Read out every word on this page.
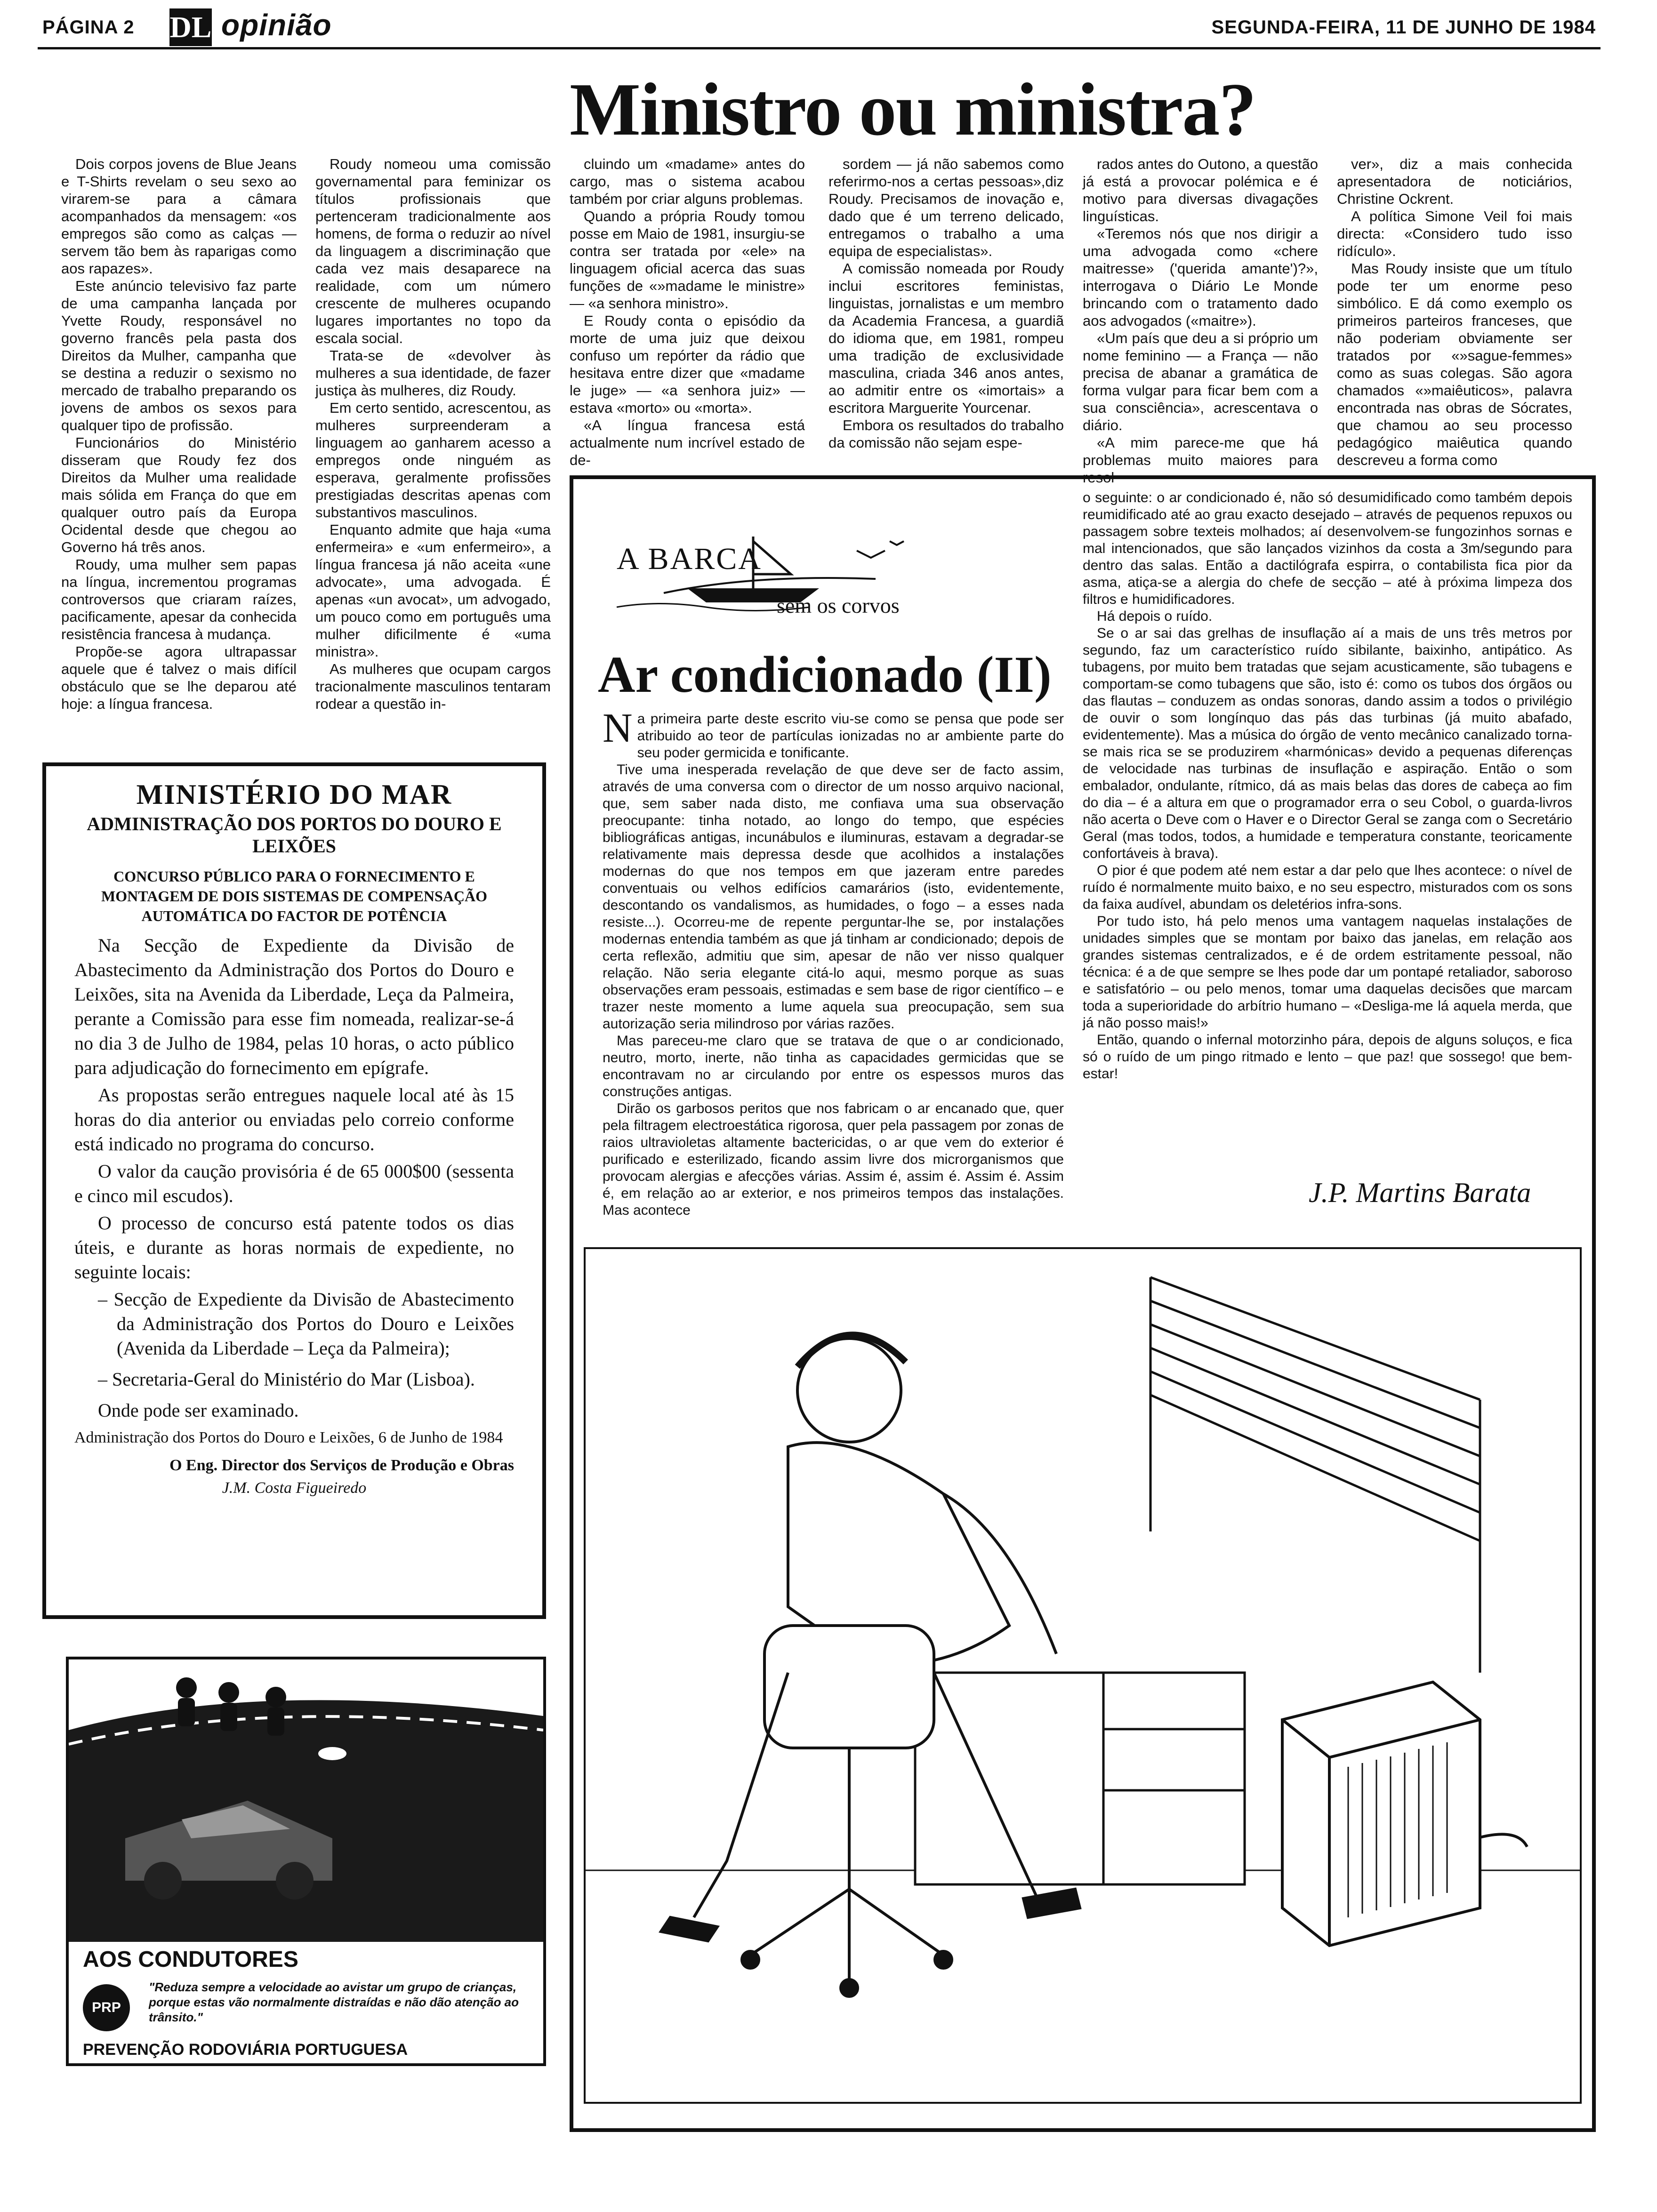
PÁGINA 2 DL opinião	SEGUNDA-FEIRA, 11 DE JUNHO DE 1984
Ministro ou ministra?

Dois corpos jovens de Blue Jeans e T-Shirts revelam o seu sexo ao virarem-se para a câmara acompanhados da mensagem: «os empregos são como as calças — servem tão bem às raparigas como aos rapazes».

Este anúncio televisivo faz parte de uma campanha lançada por Yvette Roudy, responsável no governo francês pela pasta dos Direitos da Mulher, campanha que se destina a reduzir o sexismo no mercado de trabalho preparando os jovens de ambos os sexos para qualquer tipo de profissão.

Funcionários do Ministério disseram que Roudy fez dos Direitos da Mulher uma realidade mais sólida em França do que em qualquer outro país da Europa Ocidental desde que chegou ao Governo há três anos.

Roudy, uma mulher sem papas na língua, incrementou programas controversos que criaram raízes, pacificamente, apesar da conhecida resistência francesa à mudança.

Propõe-se agora ultrapassar aquele que é talvez o mais difícil obstáculo que se lhe deparou até hoje: a língua francesa.

Roudy nomeou uma comissão governamental para feminizar os títulos profissionais que pertenceram tradicionalmente aos homens, de forma o reduzir ao nível da linguagem a discriminação que cada vez mais desaparece na realidade, com um número crescente de mulheres ocupando lugares importantes no topo da escala social.

Trata-se de «devolver às mulheres a sua identidade, de fazer justiça às mulheres, diz Roudy.

Em certo sentido, acrescentou, as mulheres surpreenderam a linguagem ao ganharem acesso a empregos onde ninguém as esperava, geralmente profissões prestigiadas descritas apenas com substantivos masculinos.

Enquanto admite que haja «uma enfermeira» e «um enfermeiro», a língua francesa já não aceita «une advocate», uma advogada. É apenas «un avocat», um advogado, um pouco como em português uma mulher dificilmente é «uma ministra».

As mulheres que ocupam cargos tracionalmente masculinos tentaram rodear a questão in-

cluindo um «madame» antes do cargo, mas o sistema acabou também por criar alguns problemas.

Quando a própria Roudy tomou posse em Maio de 1981, insurgiu-se contra ser tratada por «ele» na linguagem oficial acerca das suas funções de «»madame le ministre» — «a senhora ministro».

E Roudy conta o episódio da morte de uma juiz que deixou confuso um repórter da rádio que hesitava entre dizer que «madame le juge» — «a senhora juiz» — estava «morto» ou «morta».

«A língua francesa está actualmente num incrível estado de de-

sordem — já não sabemos como referirmo-nos a certas pessoas»,diz Roudy. Precisamos de inovação e, dado que é um terreno delicado, entregamos o trabalho a uma equipa de especialistas».

A comissão nomeada por Roudy inclui escritores feministas, linguistas, jornalistas e um membro da Academia Francesa, a guardiã do idioma que, em 1981, rompeu uma tradição de exclusividade masculina, criada 346 anos antes, ao admitir entre os «imortais» a escritora Marguerite Yourcenar.

Embora os resultados do trabalho da comissão não sejam espe-

rados antes do Outono, a questão já está a provocar polémica e é motivo para diversas divagações linguísticas.

«Teremos nós que nos dirigir a uma advogada como «chere maitresse» ('querida amante')?», interrogava o Diário Le Monde brincando com o tratamento dado aos advogados («maitre»).

«Um país que deu a si próprio um nome feminino — a França — não precisa de abanar a gramática de forma vulgar para ficar bem com a sua consciência», acrescentava o diário.

«A mim parece-me que há problemas muito maiores para resol-

ver», diz a mais conhecida apresentadora de noticiários, Christine Ockrent.

A política Simone Veil foi mais directa: «Considero tudo isso ridículo».

Mas Roudy insiste que um título pode ter um enorme peso simbólico. E dá como exemplo os primeiros parteiros franceses, que não poderiam obviamente ser tratados por «»sague-femmes» como as suas colegas. São agora chamados «»maiêuticos», palavra encontrada nas obras de Sócrates, que chamou ao seu processo pedagógico maiêutica quando descreveu a forma como

MINISTÉRIO DO MAR
ADMINISTRAÇÃO DOS PORTOS DO DOURO E LEIXÕES
CONCURSO PÚBLICO PARA O FORNECIMENTO E MONTAGEM DE DOIS SISTEMAS DE COMPENSAÇÃO AUTOMÁTICA DO FACTOR DE POTÊNCIA

Na Secção de Expediente da Divisão de Abastecimento da Administração dos Portos do Douro e Leixões, sita na Avenida da Liberdade, Leça da Palmeira, perante a Comissão para esse fim nomeada, realizar-se-á no dia 3 de Julho de 1984, pelas 10 horas, o acto público para adjudicação do fornecimento em epígrafe.

As propostas serão entregues naquele local até às 15 horas do dia anterior ou enviadas pelo correio conforme está indicado no programa do concurso.

O valor da caução provisória é de 65 000$00 (sessenta e cinco mil escudos).

O processo de concurso está patente todos os dias úteis, e durante as horas normais de expediente, no seguinte locais:

– Secção de Expediente da Divisão de Abastecimento da Administração dos Portos do Douro e Leixões (Avenida da Liberdade – Leça da Palmeira);
– Secretaria-Geral do Ministério do Mar (Lisboa).

Onde pode ser examinado.

Administração dos Portos do Douro e Leixões, 6 de Junho de 1984
O Eng. Director dos Serviços de Produção e Obras
J.M. Costa Figueiredo
AOS CONDUTORES
PRP
"Reduza sempre a velocidade ao avistar um grupo de crianças, porque estas vão normalmente distraídas e não dão atenção ao trânsito."
PREVENÇÃO RODOVIÁRIA PORTUGUESA
A BARCA
sem os corvos
Ar condicionado (II)

Na primeira parte deste escrito viu-se como se pensa que pode ser atribuido ao teor de partículas ionizadas no ar ambiente parte do seu poder germicida e tonificante.

Tive uma inesperada revelação de que deve ser de facto assim, através de uma conversa com o director de um nosso arquivo nacional, que, sem saber nada disto, me confiava uma sua observação preocupante: tinha notado, ao longo do tempo, que espécies bibliográficas antigas, incunábulos e iluminuras, estavam a degradar-se relativamente mais depressa desde que acolhidos a instalações modernas do que nos tempos em que jazeram entre paredes conventuais ou velhos edifícios camarários (isto, evidentemente, descontando os vandalismos, as humidades, o fogo – a esses nada resiste...). Ocorreu-me de repente perguntar-lhe se, por instalações modernas entendia também as que já tinham ar condicionado; depois de certa reflexão, admitiu que sim, apesar de não ver nisso qualquer relação. Não seria elegante citá-lo aqui, mesmo porque as suas observações eram pessoais, estimadas e sem base de rigor científico – e trazer neste momento a lume aquela sua preocupação, sem sua autorização seria milindroso por várias razões.

Mas pareceu-me claro que se tratava de que o ar condicionado, neutro, morto, inerte, não tinha as capacidades germicidas que se encontravam no ar circulando por entre os espessos muros das construções antigas.

Dirão os garbosos peritos que nos fabricam o ar encanado que, quer pela filtragem electroestática rigorosa, quer pela passagem por zonas de raios ultravioletas altamente bactericidas, o ar que vem do exterior é purificado e esterilizado, ficando assim livre dos microrganismos que provocam alergias e afecções várias. Assim é, assim é. Assim é. Assim é, em relação ao ar exterior, e nos primeiros tempos das instalações. Mas acontece

o seguinte: o ar condicionado é, não só desumidificado como também depois reumidificado até ao grau exacto desejado – através de pequenos repuxos ou passagem sobre texteis molhados; aí desenvolvem-se fungozinhos sornas e mal intencionados, que são lançados vizinhos da costa a 3m/segundo para dentro das salas. Então a dactilógrafa espirra, o contabilista fica pior da asma, atiça-se a alergia do chefe de secção – até à próxima limpeza dos filtros e humidificadores.

Há depois o ruído.

Se o ar sai das grelhas de insuflação aí a mais de uns três metros por segundo, faz um característico ruído sibilante, baixinho, antipático. As tubagens, por muito bem tratadas que sejam acusticamente, são tubagens e comportam-se como tubagens que são, isto é: como os tubos dos órgãos ou das flautas – conduzem as ondas sonoras, dando assim a todos o privilégio de ouvir o som longínquo das pás das turbinas (já muito abafado, evidentemente). Mas a música do órgão de vento mecânico canalizado torna-se mais rica se se produzirem «harmónicas» devido a pequenas diferenças de velocidade nas turbinas de insuflação e aspiração. Então o som embalador, ondulante, rítmico, dá as mais belas das dores de cabeça ao fim do dia – é a altura em que o programador erra o seu Cobol, o guarda-livros não acerta o Deve com o Haver e o Director Geral se zanga com o Secretário Geral (mas todos, todos, a humidade e temperatura constante, teoricamente confortáveis à brava).

O pior é que podem até nem estar a dar pelo que lhes acontece: o nível de ruído é normalmente muito baixo, e no seu espectro, misturados com os sons da faixa audível, abundam os deletérios infra-sons.

Por tudo isto, há pelo menos uma vantagem naquelas instalações de unidades simples que se montam por baixo das janelas, em relação aos grandes sistemas centralizados, e é de ordem estritamente pessoal, não técnica: é a de que sempre se lhes pode dar um pontapé retaliador, saboroso e satisfatório – ou pelo menos, tomar uma daquelas decisões que marcam toda a superioridade do arbítrio humano – «Desliga-me lá aquela merda, que já não posso mais!»

Então, quando o infernal motorzinho pára, depois de alguns soluços, e fica só o ruído de um pingo ritmado e lento – que paz! que sossego! que bem-estar!

J.P. Martins Barata
